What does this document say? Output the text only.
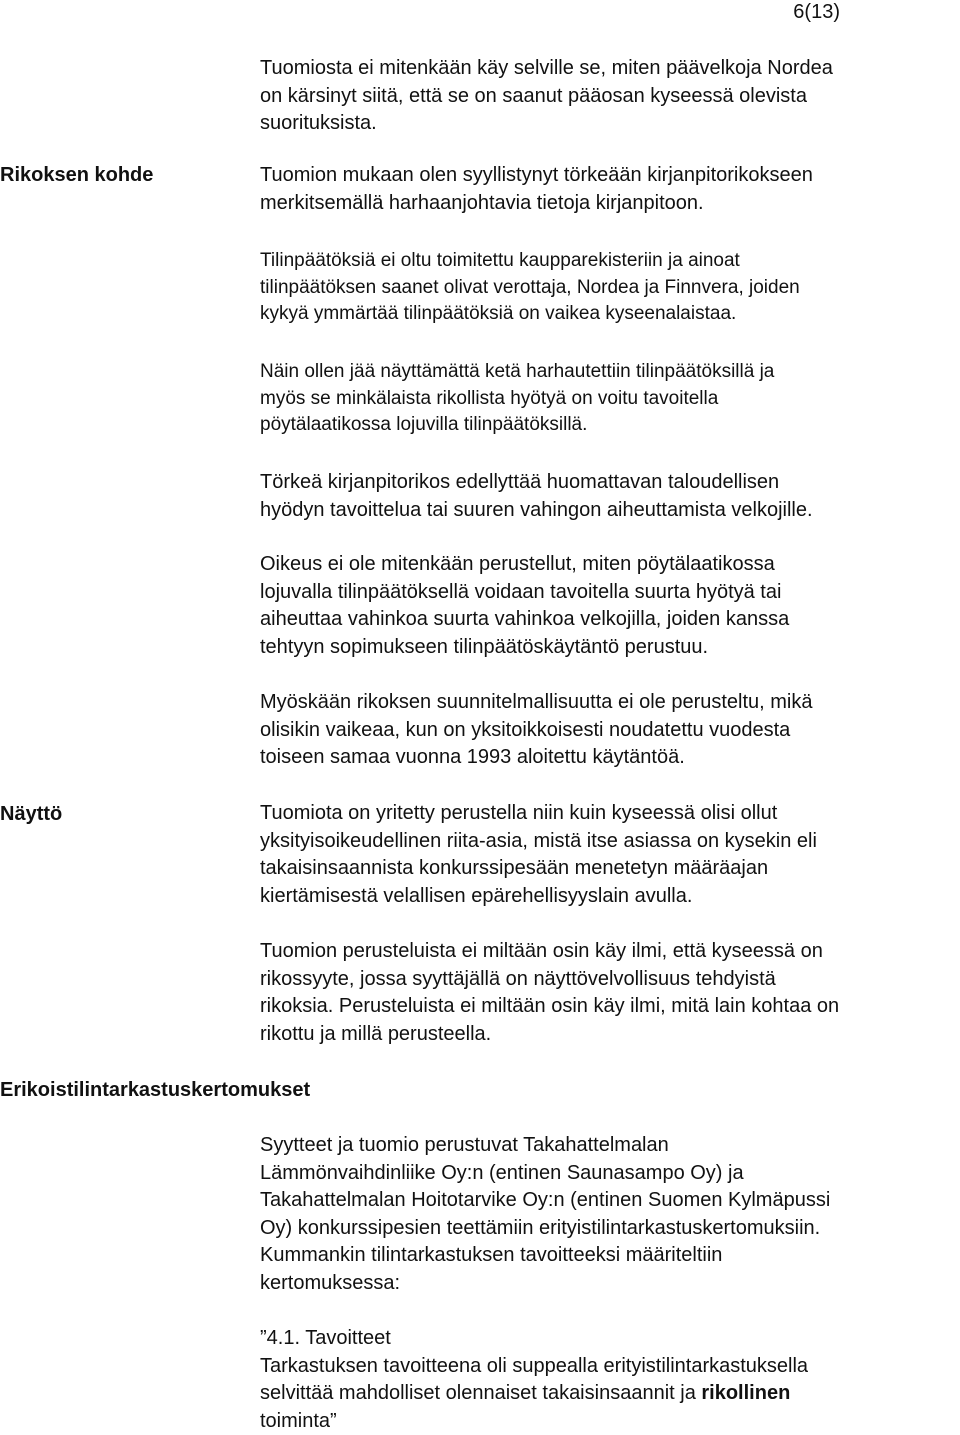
6(13)
Rikoksen kohde
Näyttö
Erikoistilintarkastuskertomukset
Tuomiosta ei mitenkään käy selville se, miten päävelkoja Nordea
on kärsinyt siitä, että se on saanut pääosan kyseessä olevista
suorituksista.
Tuomion mukaan olen syyllistynyt törkeään kirjanpitorikokseen
merkitsemällä harhaanjohtavia tietoja kirjanpitoon.
Tilinpäätöksiä ei oltu toimitettu kaupparekisteriin ja ainoat
tilinpäätöksen saanet olivat verottaja, Nordea ja Finnvera, joiden
kykyä ymmärtää tilinpäätöksiä on vaikea kyseenalaistaa.
Näin ollen jää näyttämättä ketä harhautettiin tilinpäätöksillä ja
myös se minkälaista rikollista hyötyä on voitu tavoitella
pöytälaatikossa lojuvilla tilinpäätöksillä.
Törkeä kirjanpitorikos edellyttää huomattavan taloudellisen
hyödyn tavoittelua tai suuren vahingon aiheuttamista velkojille.
Oikeus ei ole mitenkään perustellut, miten pöytälaatikossa
lojuvalla tilinpäätöksellä voidaan tavoitella suurta hyötyä tai
aiheuttaa vahinkoa suurta vahinkoa velkojilla, joiden kanssa
tehtyyn sopimukseen tilinpäätöskäytäntö perustuu.
Myöskään rikoksen suunnitelmallisuutta ei ole perusteltu, mikä
olisikin vaikeaa, kun on yksitoikkoisesti noudatettu vuodesta
toiseen samaa vuonna 1993 aloitettu käytäntöä.
Tuomiota on yritetty perustella niin kuin kyseessä olisi ollut
yksityisoikeudellinen riita-asia, mistä itse asiassa on kysekin eli
takaisinsaannista konkurssipesään menetetyn määräajan
kiertämisestä velallisen epärehellisyyslain avulla.
Tuomion perusteluista ei miltään osin käy ilmi, että kyseessä on
rikossyyte, jossa syyttäjällä on näyttövelvollisuus tehdyistä
rikoksia. Perusteluista ei miltään osin käy ilmi, mitä lain kohtaa on
rikottu ja millä perusteella.
Syytteet ja tuomio perustuvat Takahattelmalan
Lämmönvaihdinliike Oy:n (entinen Saunasampo Oy) ja
Takahattelmalan Hoitotarvike Oy:n (entinen Suomen Kylmäpussi
Oy) konkurssipesien teettämiin erityistilintarkastuskertomuksiin.
Kummankin tilintarkastuksen tavoitteeksi määriteltiin
kertomuksessa:
”4.1. Tavoitteet
Tarkastuksen tavoitteena oli suppealla erityistilintarkastuksella
selvittää mahdolliset olennaiset takaisinsaannit ja rikollinen
toiminta”
